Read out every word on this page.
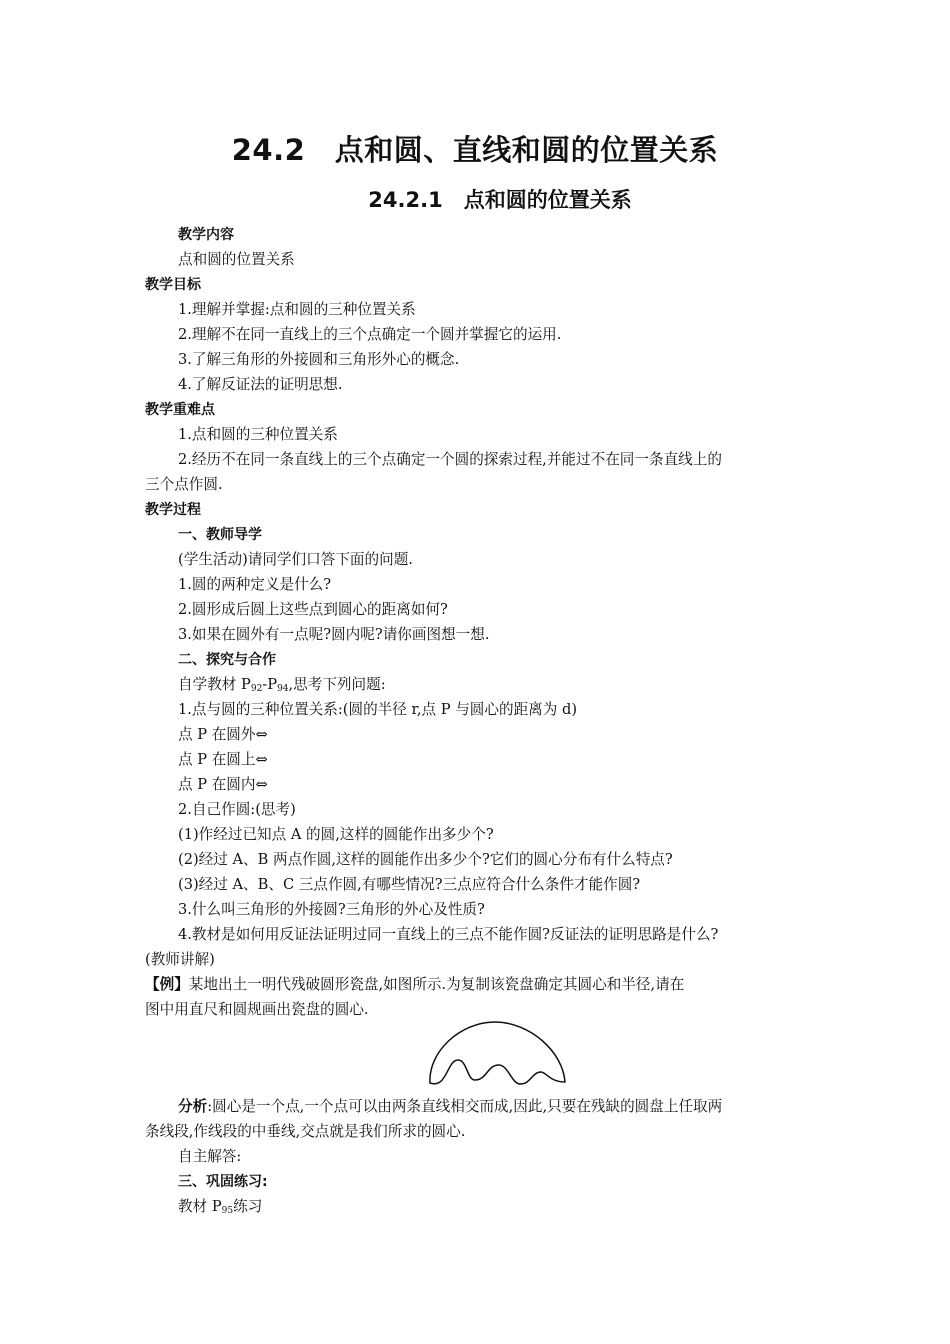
24.2　点和圆、直线和圆的位置关系
24.2.1　点和圆的位置关系
教学内容
点和圆的位置关系
教学目标
1.理解并掌握:点和圆的三种位置关系
2.理解不在同一直线上的三个点确定一个圆并掌握它的运用.
3.了解三角形的外接圆和三角形外心的概念.
4.了解反证法的证明思想.
教学重难点
1.点和圆的三种位置关系
2.经历不在同一条直线上的三个点确定一个圆的探索过程,并能过不在同一条直线上的
三个点作圆.
教学过程
一、教师导学
(学生活动)请同学们口答下面的问题.
1.圆的两种定义是什么?
2.圆形成后圆上这些点到圆心的距离如何?
3.如果在圆外有一点呢?圆内呢?请你画图想一想.
二、探究与合作
自学教材 $P_{92}-P_{94}$,思考下列问题:
1.点与圆的三种位置关系:(圆的半径 r,点 P 与圆心的距离为 d)
点 P 在圆外⇔
点 P 在圆上⇔
点 P 在圆内⇔
2.自己作圆:(思考)
(1)作经过已知点 A 的圆,这样的圆能作出多少个?
(2)经过 A、B 两点作圆,这样的圆能作出多少个?它们的圆心分布有什么特点?
(3)经过 A、B、C 三点作圆,有哪些情况?三点应符合什么条件才能作圆?
3.什么叫三角形的外接圆?三角形的外心及性质?
4.教材是如何用反证法证明过同一直线上的三点不能作圆?反证法的证明思路是什么?
(教师讲解)
【例】某地出土一明代残破圆形瓷盘,如图所示.为复制该瓷盘确定其圆心和半径,请在
图中用直尺和圆规画出瓷盘的圆心.
分析:圆心是一个点,一个点可以由两条直线相交而成,因此,只要在残缺的圆盘上任取两
条线段,作线段的中垂线,交点就是我们所求的圆心.
自主解答:
三、巩固练习:
教材 $P_{95}$练习
